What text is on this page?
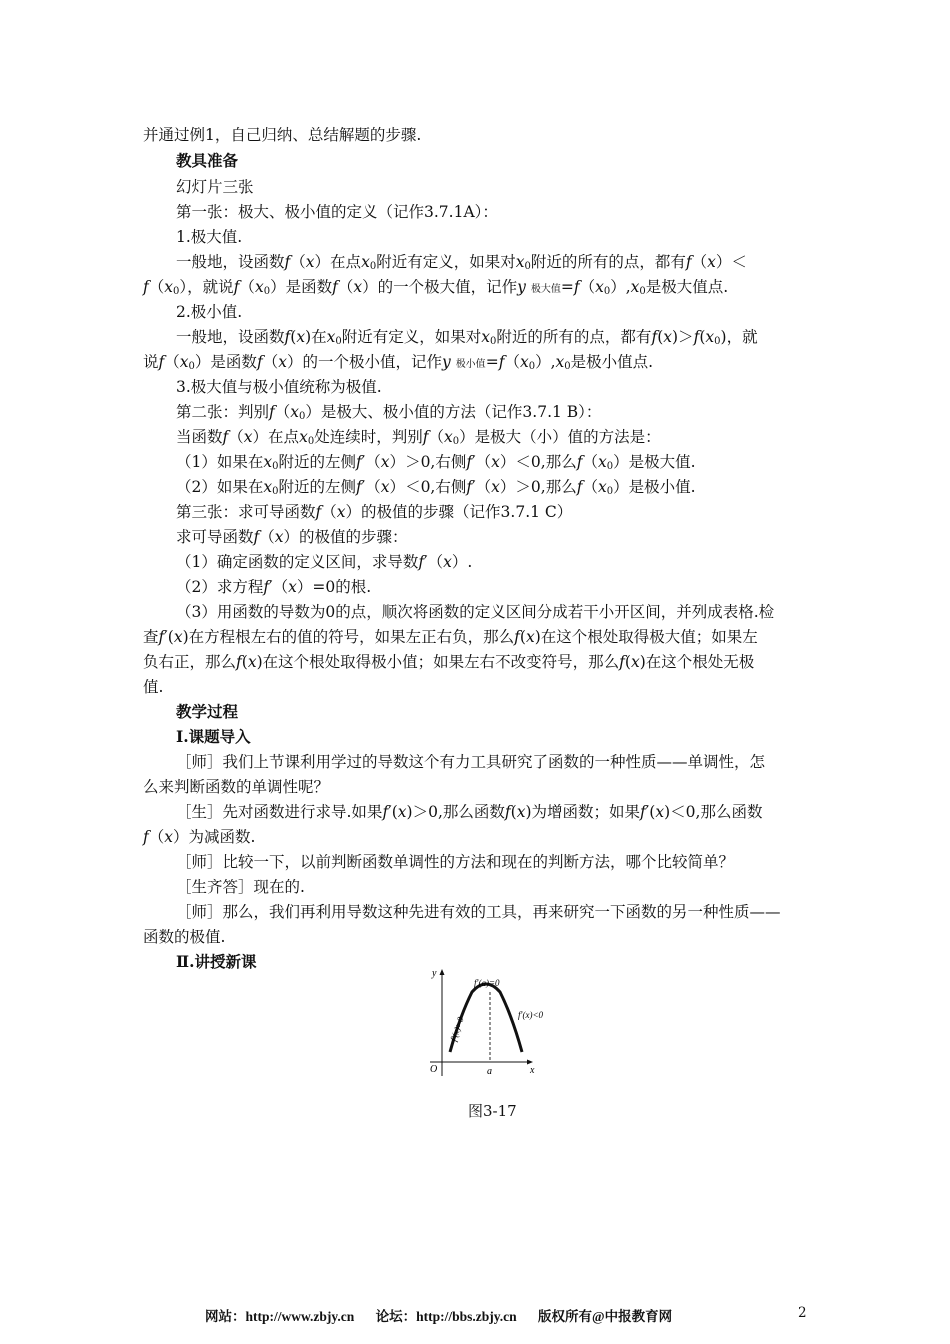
并通过例1，自己归纳、总结解题的步骤.
教具准备
幻灯片三张
第一张：极大、极小值的定义（记作3.7.1A）：
1.极大值.
一般地，设函数f（x）在点$x_0$附近有定义，如果对$x_0$附近的所有的点，都有f（x）＜
$f(x_0)$，就说$f(x_0)$是函数f（x）的一个极大值，记作y 极大值$=f(x_0),x_0$是极大值点.
2.极小值.
一般地，设函数f(x)在$x_0$附近有定义，如果对$x_0$附近的所有的点，都有$f(x)>f(x_0)$，就
说$f(x_0)$是函数f（x）的一个极小值，记作y 极小值$=f(x_0),x_0$是极小值点.
3.极大值与极小值统称为极值.
第二张：判别$f(x_0)$是极大、极小值的方法（记作3.7.1 B）：
当函数f（x）在点$x_0$处连续时，判别$f(x_0)$是极大（小）值的方法是：
（1）如果在$x_0$附近的左侧f′（x）＞0,右侧f′（x）＜0,那么$f(x_0)$是极大值.
（2）如果在$x_0$附近的左侧f′（x）＜0,右侧f′（x）＞0,那么$f(x_0)$是极小值.
第三张：求可导函数f（x）的极值的步骤（记作3.7.1 C）
求可导函数f（x）的极值的步骤：
（1）确定函数的定义区间，求导数f′（x）.
（2）求方程f′（x）=0的根.
（3）用函数的导数为0的点，顺次将函数的定义区间分成若干小开区间，并列成表格.检
查f′(x)在方程根左右的值的符号，如果左正右负，那么f(x)在这个根处取得极大值；如果左
负右正，那么f(x)在这个根处取得极小值；如果左右不改变符号，那么f(x)在这个根处无极
值.
教学过程
Ⅰ.课题导入
［师］我们上节课利用学过的导数这个有力工具研究了函数的一种性质——单调性，怎
么来判断函数的单调性呢？
［生］先对函数进行求导.如果f′(x)＞0,那么函数f(x)为增函数；如果f′(x)＜0,那么函数
f（x）为减函数.
［师］比较一下，以前判断函数单调性的方法和现在的判断方法，哪个比较简单？
［生齐答］现在的.
［师］那么，我们再利用导数这种先进有效的工具，再来研究一下函数的另一种性质——
函数的极值.
Ⅱ.讲授新课
y
x
O	a
f′(a)=0
f′(x)<0
f′(x)>0
图3-17
网站：http://www.zbjy.cn 论坛：http://bbs.zbjy.cn 版权所有@中报教育网	2
